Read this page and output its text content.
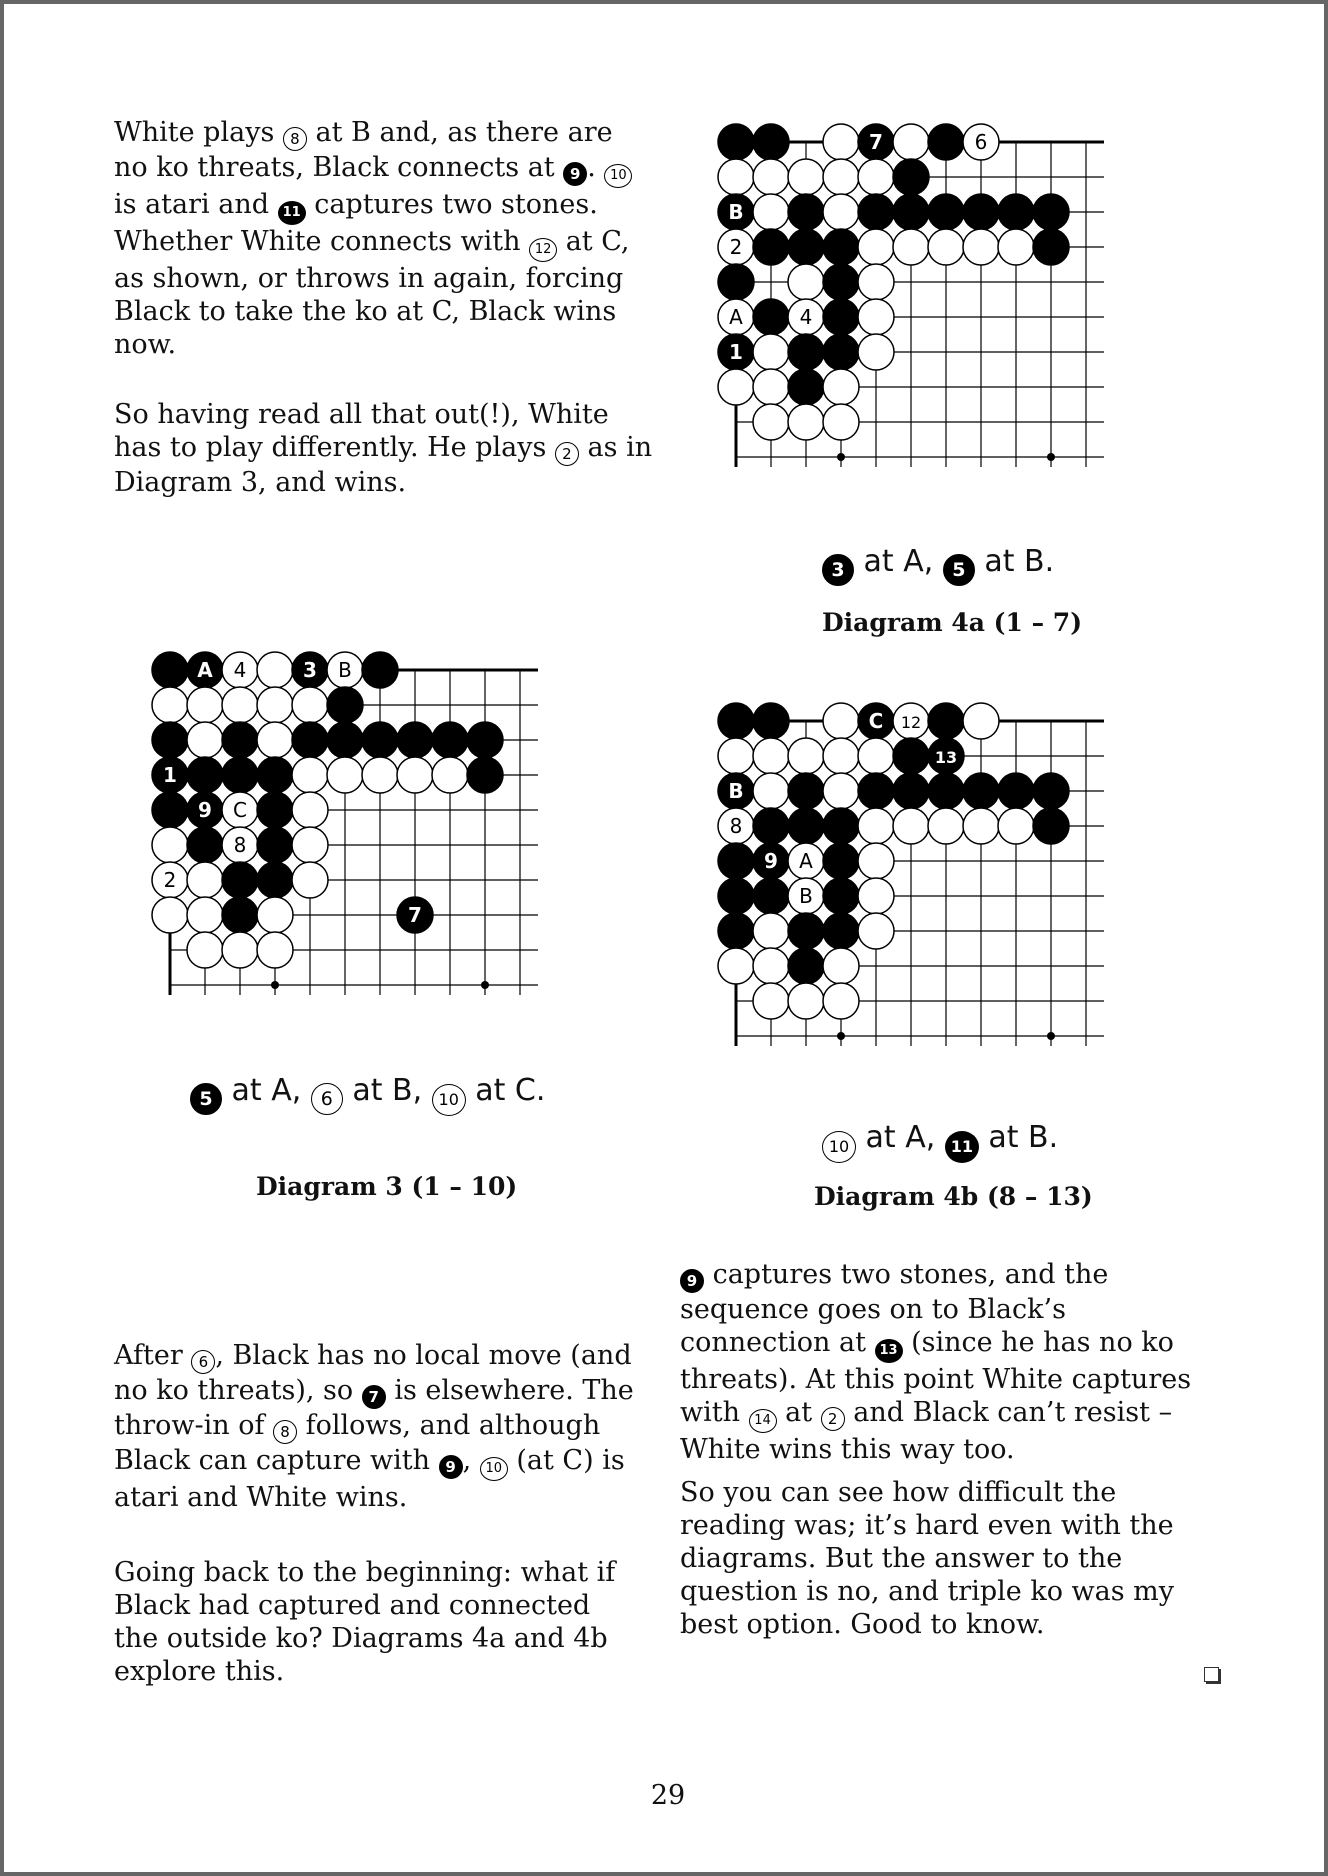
White plays 8 at B and, as there are no ko threats, Black connects at 9 . 10 is atari and 11 captures two stones. Whether White connects with 12 at C, as shown, or throws in again, forcing Black to take the ko at C, Black wins now.
So having read all that out(!), White has to play differently. He plays 2 as in Diagram 3, and wins.
7	6
B
2
A	4
1
3 at A, 5 at B.
Diagram 4a (1 – 7)
A 4	3 B
1
9 C
8
2
7
5 at A, 6 at B, 10 at C.
Diagram 3 (1 – 10)
C 12
13
B
8
9 A
B
10 at A, 11 at B.
Diagram 4b (8 – 13)
After 6 , Black has no local move (and no ko threats), so 7 is elsewhere. The throw-in of 8 follows, and although Black can capture with 9 , 10 (at C) is atari and White wins.
Going back to the beginning: what if Black had captured and connected the outside ko? Diagrams 4a and 4b explore this.
9 captures two stones, and the sequence goes on to Black’s connection at 13 (since he has no ko threats). At this point White captures with 14 at 2 and Black can’t resist – White wins this way too.
So you can see how difficult the reading was; it’s hard even with the diagrams. But the answer to the question is no, and triple ko was my best option. Good to know.
29
